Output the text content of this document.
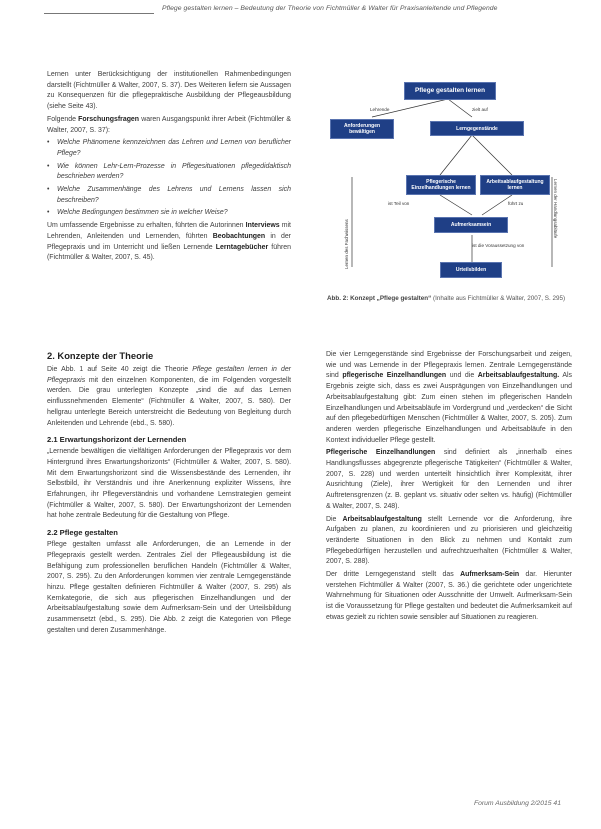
Pflege gestalten lernen – Bedeutung der Theorie von Fichtmüller & Walter für Praxisanleitende und Pflegende

Lernen unter Berücksichtigung der institutionellen Rahmenbedingungen darstellt (Fichtmüller & Walter, 2007, S. 37). Des Weiteren liefern sie Aussagen zu Konsequenzen für die pflegepraktische Ausbildung der Pflegeausbildung (siehe Seite 43).

Folgende Forschungsfragen waren Ausgangspunkt ihrer Arbeit (Fichtmüller & Walter, 2007, S. 37):

• Welche Phänomene kennzeichnen das Lehren und Lernen von beruflicher Pflege?

• Wie können Lehr-Lern-Prozesse in Pflegesituationen pflegedidaktisch beschrieben werden?

• Welche Zusammenhänge des Lehrens und Lernens lassen sich beschreiben?

• Welche Bedingungen bestimmen sie in welcher Weise?

Um umfassende Ergebnisse zu erhalten, führten die Autorinnen Interviews mit Lehrenden, Anleitenden und Lernenden, führten Beobachtungen in der Pflegepraxis und im Unterricht und ließen Lernende Lerntagebücher führen (Fichtmüller & Walter, 2007, S. 45).

Pflege gestalten lernen
Lehrende	zielt auf
Anforderungen bewältigen
Lerngegenstände
Pflegerische Einzelhandlungen lernen
Arbeitsablaufgestaltung lernen
ist Teil von	führt zu
Aufmerksamsein
ist die Voraussetzung von
Urteilsbilden
Lernen des Fachwissens
Lernen der Handlungsabläufe
Abb. 2: Konzept „Pflege gestalten“ (Inhalte aus Fichtmüller & Walter, 2007, S. 295)
2. Konzepte der Theorie

Die Abb. 1 auf Seite 40 zeigt die Theorie Pflege gestalten lernen in der Pflegepraxis mit den einzelnen Komponenten, die im Folgenden vorgestellt werden. Die grau unterlegten Konzepte „sind die auf das Lernen einflussnehmenden Elemente“ (Fichtmüller & Walter, 2007, S. 580). Der hellgrau unterlegte Bereich unterstreicht die Bedeutung von Begleitung durch Anleitenden und Lehrende (ebd., S. 580).

2.1 Erwartungshorizont der Lernenden

„Lernende bewältigen die vielfältigen Anforderungen der Pflegepraxis vor dem Hintergrund ihres Erwartungshorizonts“ (Fichtmüller & Walter, 2007, S. 580). Mit dem Erwartungshorizont sind die Wissensbestände des Lernenden, ihr Selbstbild, ihr Verständnis und ihre Anerkennung expliziter Wissens, ihre Erfahrungen, ihr Pflegeverständnis und vorhandene Lernstrategien gemeint (Fichtmüller & Walter, 2007, S. 580). Der Erwartungshorizont der Lernenden hat hohe zentrale Bedeutung für die Gestaltung von Pflege.

2.2 Pflege gestalten

Pflege gestalten umfasst alle Anforderungen, die an Lernende in der Pflegepraxis gestellt werden. Zentrales Ziel der Pflegeausbildung ist die Befähigung zum professionellen beruflichen Handeln (Fichtmüller & Walter, 2007, S. 295). Zu den Anforderungen kommen vier zentrale Lerngegenstände hinzu. Pflege gestalten definieren Fichtmüller & Walter (2007, S. 295) als Kernkategorie, die sich aus pflegerischen Einzelhandlungen und der Arbeitsablaufgestaltung sowie dem Aufmerksam-Sein und der Urteilsbildung zusammensetzt (ebd., S. 295). Die Abb. 2 zeigt die Kategorien von Pflege gestalten und deren Zusammenhänge.

Die vier Lerngegenstände sind Ergebnisse der Forschungsarbeit und zeigen, wie und was Lernende in der Pflegepraxis lernen. Zentrale Lerngegenstände sind pflegerische Einzelhandlungen und die Arbeitsablaufgestaltung. Als Ergebnis zeigte sich, dass es zwei Ausprägungen von Einzelhandlungen und Arbeitsablaufgestaltung gibt: Zum einen stehen im pflegerischen Handeln Einzelhandlungen und Arbeitsabläufe im Vordergrund und „verdecken“ die Sicht auf den pflegebedürftigen Menschen (Fichtmüller & Walter, 2007, S. 205). Zum anderen werden pflegerische Einzelhandlungen und Arbeitsabläufe in den Kontext individueller Pflege gestellt.

Pflegerische Einzelhandlungen sind definiert als „innerhalb eines Handlungsflusses abgegrenzte pflegerische Tätigkeiten“ (Fichtmüller & Walter, 2007, S. 228) und werden unterteilt hinsichtlich ihrer Komplexität, ihrer Ausrichtung (Ziele), ihrer Wertigkeit für den Lernenden und ihrer Auftretensgrenzen (z. B. geplant vs. situativ oder selten vs. häufig) (Fichtmüller & Walter, 2007, S. 248).

Die Arbeitsablaufgestaltung stellt Lernende vor die Anforderung, ihre Aufgaben zu planen, zu koordinieren und zu priorisieren und gleichzeitig veränderte Situationen in den Blick zu nehmen und Kontakt zum Pflegebedürftigen herzustellen und aufrechtzuerhalten (Fichtmüller & Walter, 2007, S. 288).

Der dritte Lerngegenstand stellt das Aufmerksam-Sein dar. Hierunter verstehen Fichtmüller & Walter (2007, S. 36.) die gerichtete oder ungerichtete Wahrnehmung für Situationen oder Ausschnitte der Umwelt. Aufmerksam-Sein ist die Voraussetzung für Pflege gestalten und bedeutet die Aufmerksamkeit auf etwas gezielt zu richten sowie sensibler auf Situationen zu reagieren.

Forum Ausbildung 2/2015 41
